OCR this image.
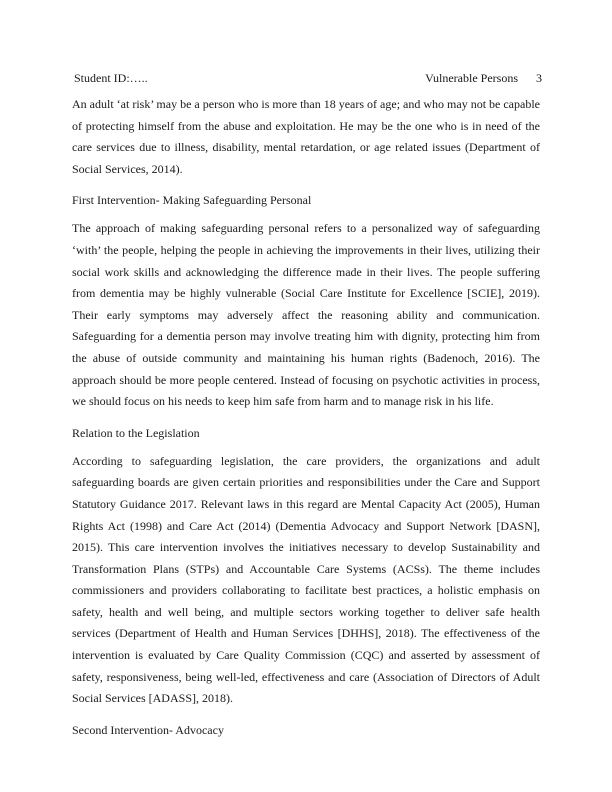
Student ID:…..	Vulnerable Persons 3

An adult ‘at risk’ may be a person who is more than 18 years of age; and who may not be capable of protecting himself from the abuse and exploitation. He may be the one who is in need of the care services due to illness, disability, mental retardation, or age related issues (Department of Social Services, 2014).

First Intervention- Making Safeguarding Personal

The approach of making safeguarding personal refers to a personalized way of safeguarding ‘with’ the people, helping the people in achieving the improvements in their lives, utilizing their social work skills and acknowledging the difference made in their lives. The people suffering from dementia may be highly vulnerable (Social Care Institute for Excellence [SCIE], 2019). Their early symptoms may adversely affect the reasoning ability and communication. Safeguarding for a dementia person may involve treating him with dignity, protecting him from the abuse of outside community and maintaining his human rights (Badenoch, 2016). The approach should be more people centered. Instead of focusing on psychotic activities in process, we should focus on his needs to keep him safe from harm and to manage risk in his life.

Relation to the Legislation

According to safeguarding legislation, the care providers, the organizations and adult safeguarding boards are given certain priorities and responsibilities under the Care and Support Statutory Guidance 2017. Relevant laws in this regard are Mental Capacity Act (2005), Human Rights Act (1998) and Care Act (2014) (Dementia Advocacy and Support Network [DASN], 2015). This care intervention involves the initiatives necessary to develop Sustainability and Transformation Plans (STPs) and Accountable Care Systems (ACSs). The theme includes commissioners and providers collaborating to facilitate best practices, a holistic emphasis on safety, health and well being, and multiple sectors working together to deliver safe health services (Department of Health and Human Services [DHHS], 2018). The effectiveness of the intervention is evaluated by Care Quality Commission (CQC) and asserted by assessment of safety, responsiveness, being well-led, effectiveness and care (Association of Directors of Adult Social Services [ADASS], 2018).

Second Intervention- Advocacy
